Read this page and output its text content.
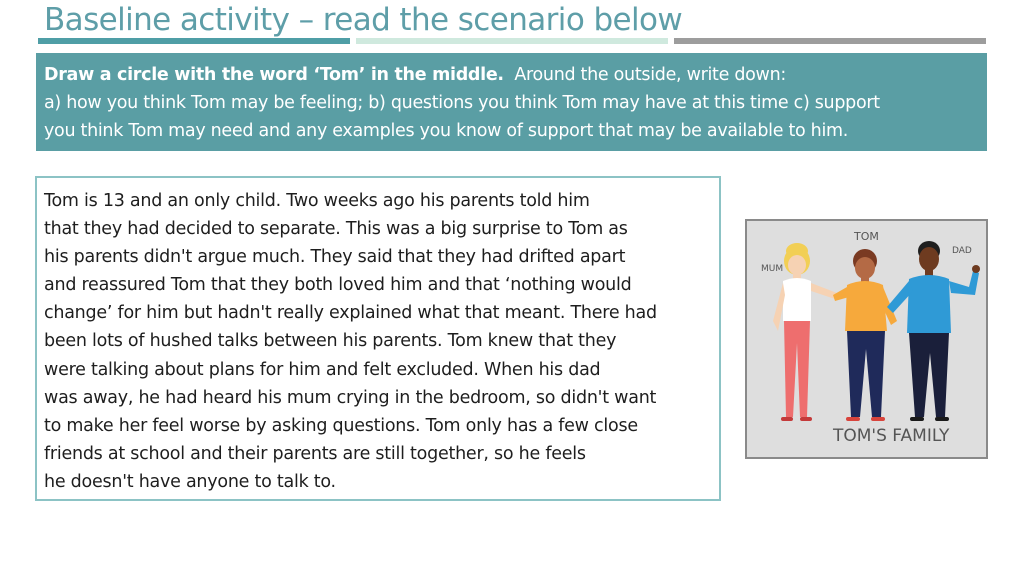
Baseline activity – read the scenario below
Draw a circle with the word ‘Tom’ in the middle. Around the outside, write down:
a) how you think Tom may be feeling; b) questions you think Tom may have at this time c) support
you think Tom may need and any examples you know of support that may be available to him.
Tom is 13 and an only child. Two weeks ago his parents told him
that they had decided to separate. This was a big surprise to Tom as
his parents didn't argue much. They said that they had drifted apart
and reassured Tom that they both loved him and that ‘nothing would
change’ for him but hadn't really explained what that meant. There had
been lots of hushed talks between his parents. Tom knew that they
were talking about plans for him and felt excluded. When his dad
was away, he had heard his mum crying in the bedroom, so didn't want
to make her feel worse by asking questions. Tom only has a few close
friends at school and their parents are still together, so he feels
he doesn't have anyone to talk to.
TOM
DAD
MUM
TOM'S FAMILY
